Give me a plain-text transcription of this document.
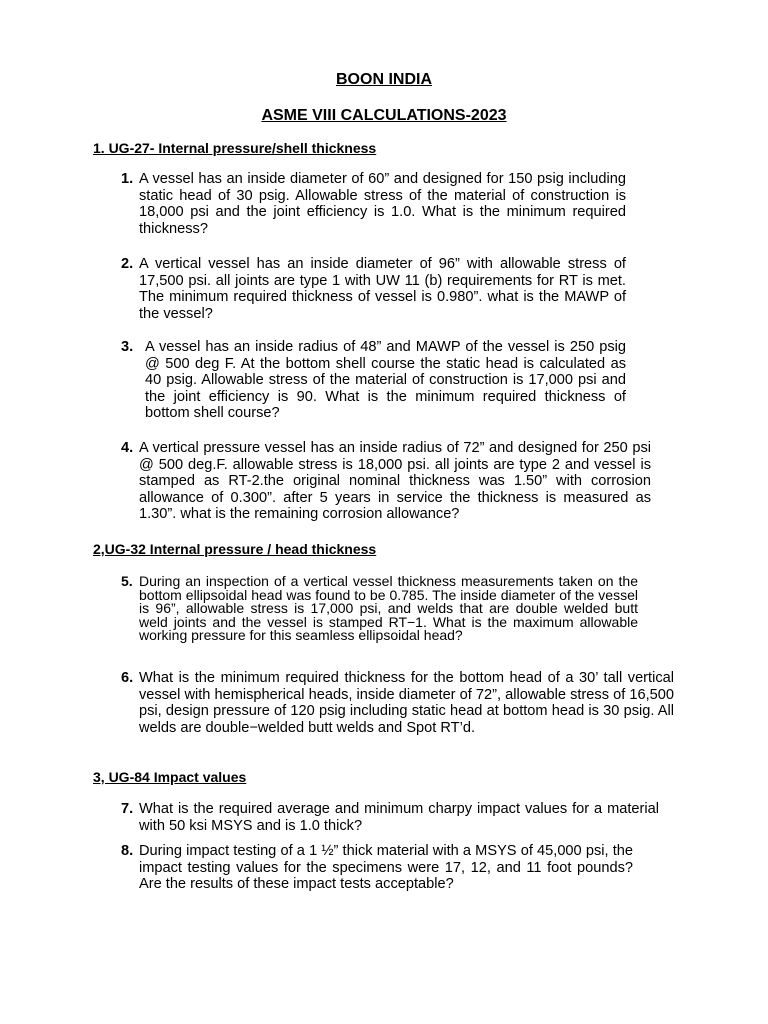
BOON INDIA
ASME VIII CALCULATIONS-2023
1. UG-27- Internal pressure/shell thickness
1. A vessel has an inside diameter of 60” and designed for 150 psig including static head of 30 psig. Allowable stress of the material of construction is 18,000 psi and the joint efficiency is 1.0. What is the minimum required thickness?
2. A vertical vessel has an inside diameter of 96” with allowable stress of 17,500 psi. all joints are type 1 with UW 11 (b) requirements for RT is met. The minimum required thickness of vessel is 0.980”. what is the MAWP of the vessel?
3. A vessel has an inside radius of 48” and MAWP of the vessel is 250 psig @ 500 deg F. At the bottom shell course the static head is calculated as 40 psig. Allowable stress of the material of construction is 17,000 psi and the joint efficiency is 90. What is the minimum required thickness of bottom shell course?
4. A vertical pressure vessel has an inside radius of 72” and designed for 250 psi @ 500 deg.F. allowable stress is 18,000 psi. all joints are type 2 and vessel is stamped as RT-2.the original nominal thickness was 1.50” with corrosion allowance of 0.300”. after 5 years in service the thickness is measured as 1.30”. what is the remaining corrosion allowance?
2,UG-32 Internal pressure / head thickness
5. During an inspection of a vertical vessel thickness measurements taken on the bottom ellipsoidal head was found to be 0.785. The inside diameter of the vessel is 96”, allowable stress is 17,000 psi, and welds that are double welded butt weld joints and the vessel is stamped RT−1. What is the maximum allowable working pressure for this seamless ellipsoidal head?
6. What is the minimum required thickness for the bottom head of a 30’ tall vertical vessel with hemispherical heads, inside diameter of 72”, allowable stress of 16,500 psi, design pressure of 120 psig including static head at bottom head is 30 psig. All welds are double−welded butt welds and Spot RT’d.
3, UG-84 Impact values
7. What is the required average and minimum charpy impact values for a material with 50 ksi MSYS and is 1.0 thick?
8. During impact testing of a 1 ½” thick material with a MSYS of 45,000 psi, the impact testing values for the specimens were 17, 12, and 11 foot pounds? Are the results of these impact tests acceptable?
